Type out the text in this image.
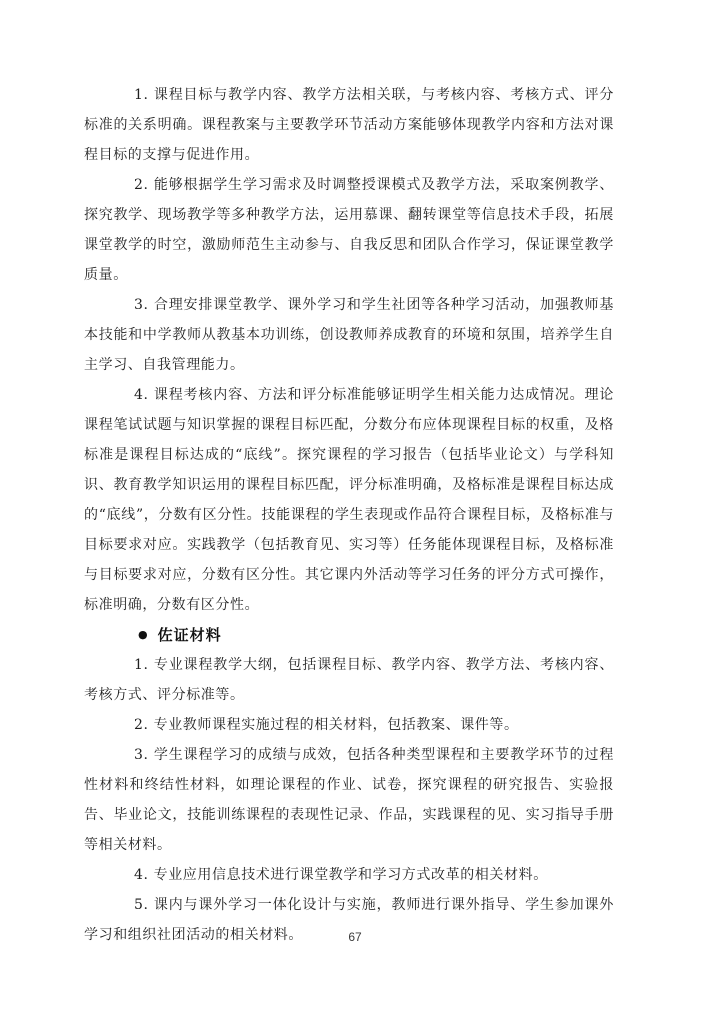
1. 课程目标与教学内容、教学方法相关联，与考核内容、考核方式、评分标准的关系明确。课程教案与主要教学环节活动方案能够体现教学内容和方法对课程目标的支撑与促进作用。

2. 能够根据学生学习需求及时调整授课模式及教学方法，采取案例教学、探究教学、现场教学等多种教学方法，运用慕课、翻转课堂等信息技术手段，拓展课堂教学的时空，激励师范生主动参与、自我反思和团队合作学习，保证课堂教学质量。

3. 合理安排课堂教学、课外学习和学生社团等各种学习活动，加强教师基本技能和中学教师从教基本功训练，创设教师养成教育的环境和氛围，培养学生自主学习、自我管理能力。

4. 课程考核内容、方法和评分标准能够证明学生相关能力达成情况。理论课程笔试试题与知识掌握的课程目标匹配，分数分布应体现课程目标的权重，及格标准是课程目标达成的“底线”。探究课程的学习报告（包括毕业论文）与学科知识、教育教学知识运用的课程目标匹配，评分标准明确，及格标准是课程目标达成的“底线”，分数有区分性。技能课程的学生表现或作品符合课程目标，及格标准与目标要求对应。实践教学（包括教育见、实习等）任务能体现课程目标，及格标准与目标要求对应，分数有区分性。其它课内外活动等学习任务的评分方式可操作，标准明确，分数有区分性。

● 佐证材料

1. 专业课程教学大纲，包括课程目标、教学内容、教学方法、考核内容、考核方式、评分标准等。

2. 专业教师课程实施过程的相关材料，包括教案、课件等。

3. 学生课程学习的成绩与成效，包括各种类型课程和主要教学环节的过程性材料和终结性材料，如理论课程的作业、试卷，探究课程的研究报告、实验报告、毕业论文，技能训练课程的表现性记录、作品，实践课程的见、实习指导手册等相关材料。

4. 专业应用信息技术进行课堂教学和学习方式改革的相关材料。

5. 课内与课外学习一体化设计与实施，教师进行课外指导、学生参加课外学习和组织社团活动的相关材料。	67
